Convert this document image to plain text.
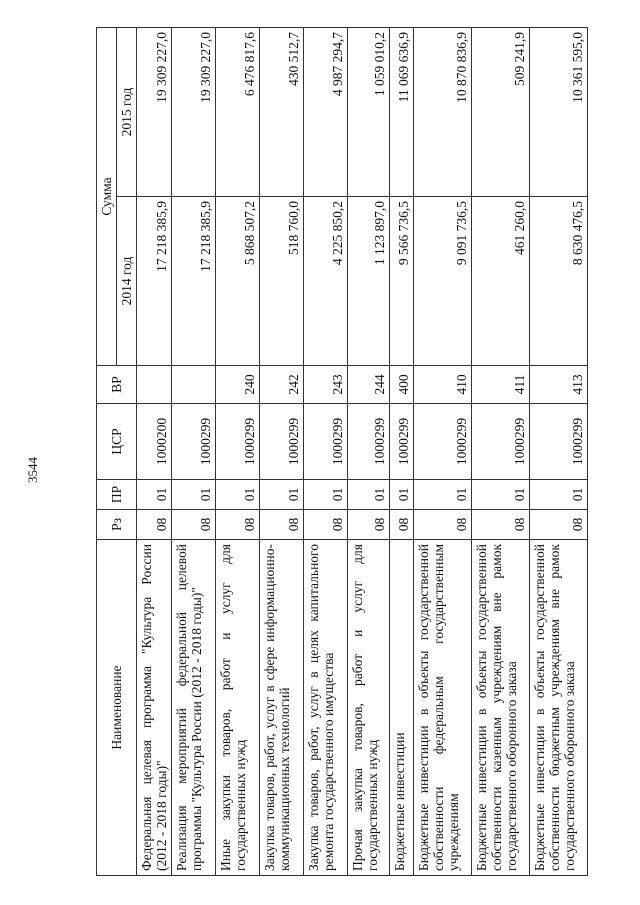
3544
Наименование	Рз	ПР	ЦСР	ВР	Сумма	
					2014 год	2015 год
Федеральная целевая программа "Культура России (2012 - 2018 годы)"	08	01	1000200		17 218 385,9	19 309 227,0
Реализация мероприятий федеральной целевой программы "Культура России (2012 - 2018 годы)"	08	01	1000299		17 218 385,9	19 309 227,0
Иные закупки товаров, работ и услуг для государственных нужд	08	01	1000299	240	5 868 507,2	6 476 817,6
Закупка товаров, работ, услуг в сфере информационно-коммуникационных технологий	08	01	1000299	242	518 760,0	430 512,7
Закупка товаров, работ, услуг в целях капитального ремонта государственного имущества	08	01	1000299	243	4 225 850,2	4 987 294,7
Прочая закупка товаров, работ и услуг для государственных нужд	08	01	1000299	244	1 123 897,0	1 059 010,2
Бюджетные инвестиции	08	01	1000299	400	9 566 736,5	11 069 636,9
Бюджетные инвестиции в объекты государственной собственности федеральным государственным учреждениям	08	01	1000299	410	9 091 736,5	10 870 836,9
Бюджетные инвестиции в объекты государственной собственности казенным учреждениям вне рамок государственного оборонного заказа	08	01	1000299	411	461 260,0	509 241,9
Бюджетные инвестиции в объекты государственной собственности бюджетным учреждениям вне рамок государственного оборонного заказа	08	01	1000299	413	8 630 476,5	10 361 595,0
